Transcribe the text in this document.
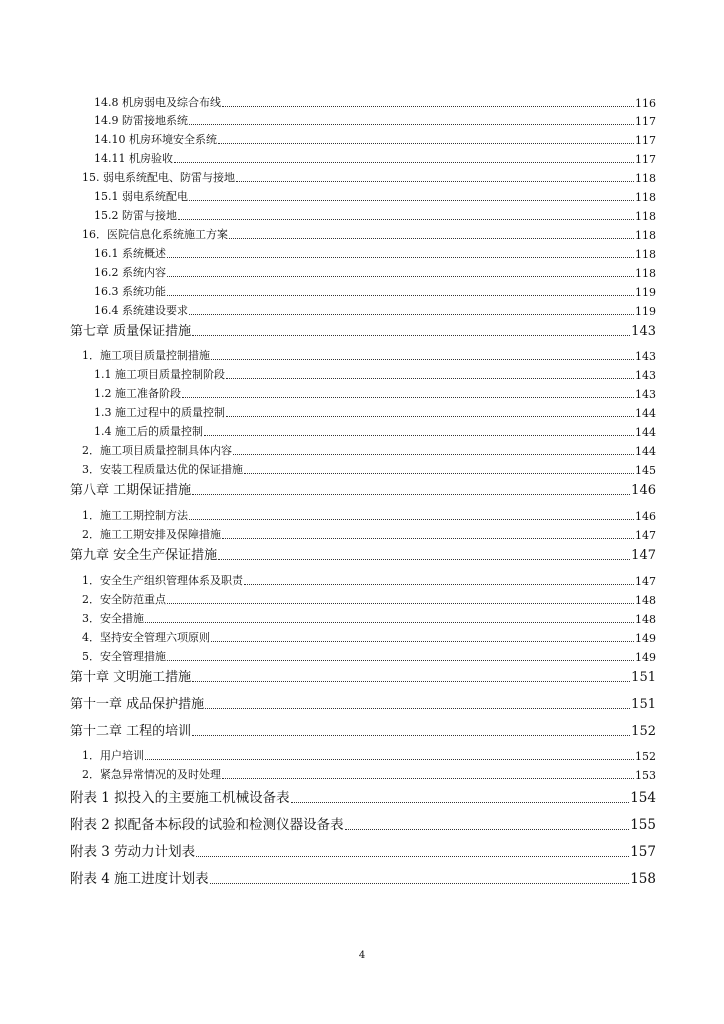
14.8 机房弱电及综合布线	116
14.9 防雷接地系统	117
14.10 机房环境安全系统	117
14.11 机房验收	117
15. 弱电系统配电、防雷与接地	118
15.1 弱电系统配电	118
15.2 防雷与接地	118
16．医院信息化系统施工方案	118
16.1 系统概述	118
16.2 系统内容	118
16.3 系统功能	119
16.4 系统建设要求	119
第七章 质量保证措施	143
1．施工项目质量控制措施	143
1.1 施工项目质量控制阶段	143
1.2 施工准备阶段	143
1.3 施工过程中的质量控制	144
1.4 施工后的质量控制	144
2．施工项目质量控制具体内容	144
3．安装工程质量达优的保证措施	145
第八章 工期保证措施	146
1．施工工期控制方法	146
2．施工工期安排及保障措施	147
第九章 安全生产保证措施	147
1．安全生产组织管理体系及职责	147
2．安全防范重点	148
3．安全措施	148
4．坚持安全管理六项原则	149
5．安全管理措施	149
第十章 文明施工措施	151
第十一章 成品保护措施	151
第十二章 工程的培训	152
1．用户培训	152
2．紧急异常情况的及时处理	153
附表 1 拟投入的主要施工机械设备表	154
附表 2 拟配备本标段的试验和检测仪器设备表	155
附表 3 劳动力计划表	157
附表 4 施工进度计划表	158
4
